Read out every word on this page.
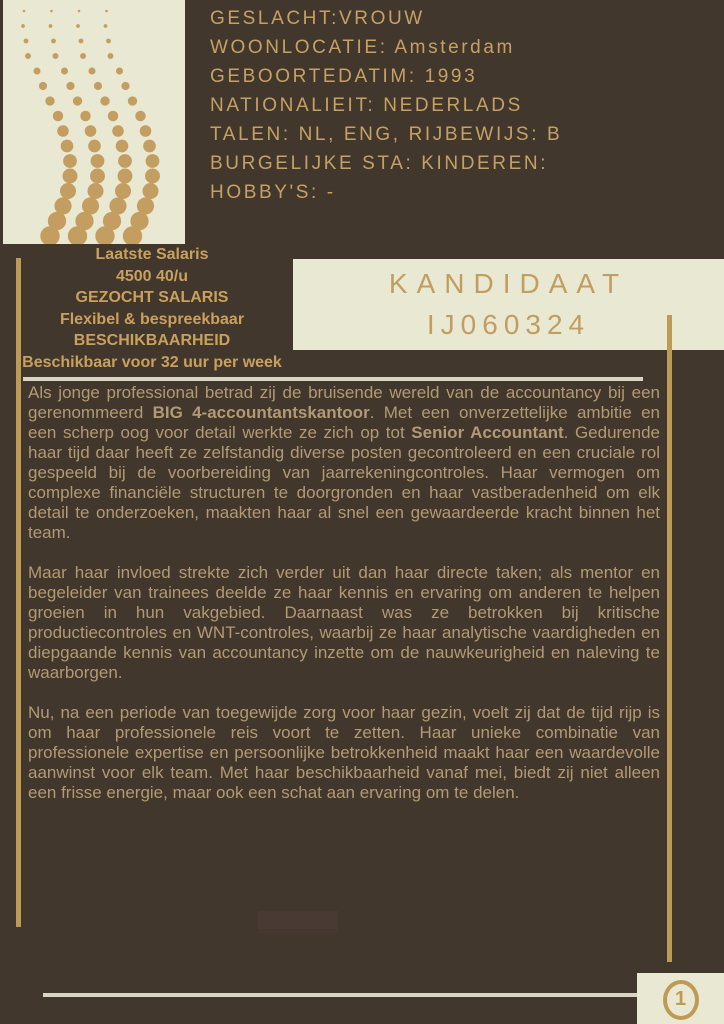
GESLACHT:VROUW
WOONLOCATIE: Amsterdam
GEBOORTEDATIM: 1993
NATIONALIEIT: NEDERLADS
TALEN: NL, ENG, RIJBEWIJS: B
BURGELIJKE STA: KINDEREN:
HOBBY'S: -
Laatste Salaris
4500 40/u
GEZOCHT SALARIS
Flexibel & bespreekbaar
BESCHIKBAARHEID
Beschikbaar voor 32 uur per week
KANDIDAAT
IJ060324

Als jonge professional betrad zij de bruisende wereld van de accountancy bij een gerenommeerd BIG 4-accountantskantoor. Met een onverzettelijke ambitie en een scherp oog voor detail werkte ze zich op tot Senior Accountant. Gedurende haar tijd daar heeft ze zelfstandig diverse posten gecontroleerd en een cruciale rol gespeeld bij de voorbereiding van jaarrekeningcontroles. Haar vermogen om complexe financiële structuren te doorgronden en haar vastberadenheid om elk detail te onderzoeken, maakten haar al snel een gewaardeerde kracht binnen het team.

Maar haar invloed strekte zich verder uit dan haar directe taken; als mentor en begeleider van trainees deelde ze haar kennis en ervaring om anderen te helpen groeien in hun vakgebied. Daarnaast was ze betrokken bij kritische productiecontroles en WNT-controles, waarbij ze haar analytische vaardigheden en diepgaande kennis van accountancy inzette om de nauwkeurigheid en naleving te waarborgen.

Nu, na een periode van toegewijde zorg voor haar gezin, voelt zij dat de tijd rijp is om haar professionele reis voort te zetten. Haar unieke combinatie van professionele expertise en persoonlijke betrokkenheid maakt haar een waardevolle aanwinst voor elk team. Met haar beschikbaarheid vanaf mei, biedt zij niet alleen een frisse energie, maar ook een schat aan ervaring om te delen.

1
